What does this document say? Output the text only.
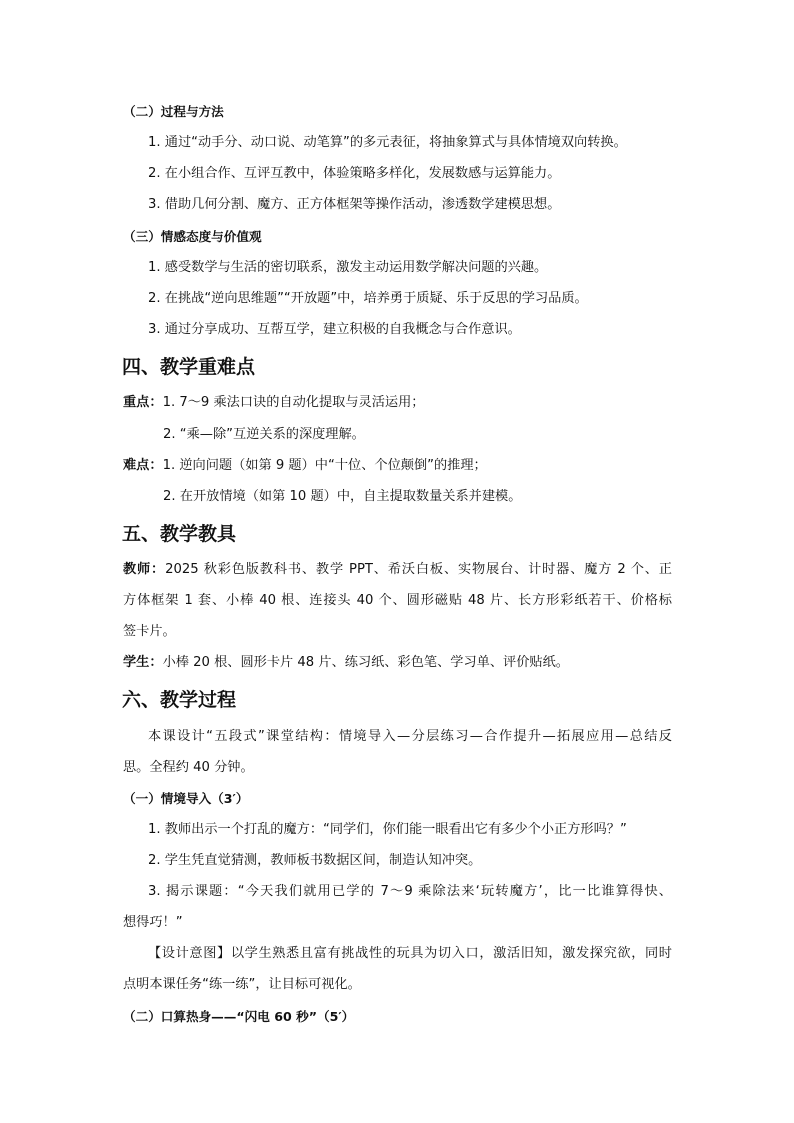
（二）过程与方法
1. 通过“动手分、动口说、动笔算”的多元表征，将抽象算式与具体情境双向转换。
2. 在小组合作、互评互教中，体验策略多样化，发展数感与运算能力。
3. 借助几何分割、魔方、正方体框架等操作活动，渗透数学建模思想。
（三）情感态度与价值观
1. 感受数学与生活的密切联系，激发主动运用数学解决问题的兴趣。
2. 在挑战“逆向思维题”“开放题”中，培养勇于质疑、乐于反思的学习品质。
3. 通过分享成功、互帮互学，建立积极的自我概念与合作意识。
四、教学重难点
重点：1. 7～9 乘法口诀的自动化提取与灵活运用；
2. “乘—除”互逆关系的深度理解。
难点：1. 逆向问题（如第 9 题）中“十位、个位颠倒”的推理；
2. 在开放情境（如第 10 题）中，自主提取数量关系并建模。
五、教学教具
教师：2025 秋彩色版教科书、教学 PPT、希沃白板、实物展台、计时器、魔方 2 个、正
方体框架 1 套、小棒 40 根、连接头 40 个、圆形磁贴 48 片、长方形彩纸若干、价格标
签卡片。
学生：小棒 20 根、圆形卡片 48 片、练习纸、彩色笔、学习单、评价贴纸。
六、教学过程
本课设计“五段式”课堂结构：情境导入—分层练习—合作提升—拓展应用—总结反
思。全程约 40 分钟。
（一）情境导入（3′）
1. 教师出示一个打乱的魔方：“同学们，你们能一眼看出它有多少个小正方形吗？”
2. 学生凭直觉猜测，教师板书数据区间，制造认知冲突。
3. 揭示课题：“今天我们就用已学的 7～9 乘除法来‘玩转魔方’，比一比谁算得快、
想得巧！”
【设计意图】以学生熟悉且富有挑战性的玩具为切入口，激活旧知，激发探究欲，同时
点明本课任务“练一练”，让目标可视化。
（二）口算热身——“闪电 60 秒”（5′）
